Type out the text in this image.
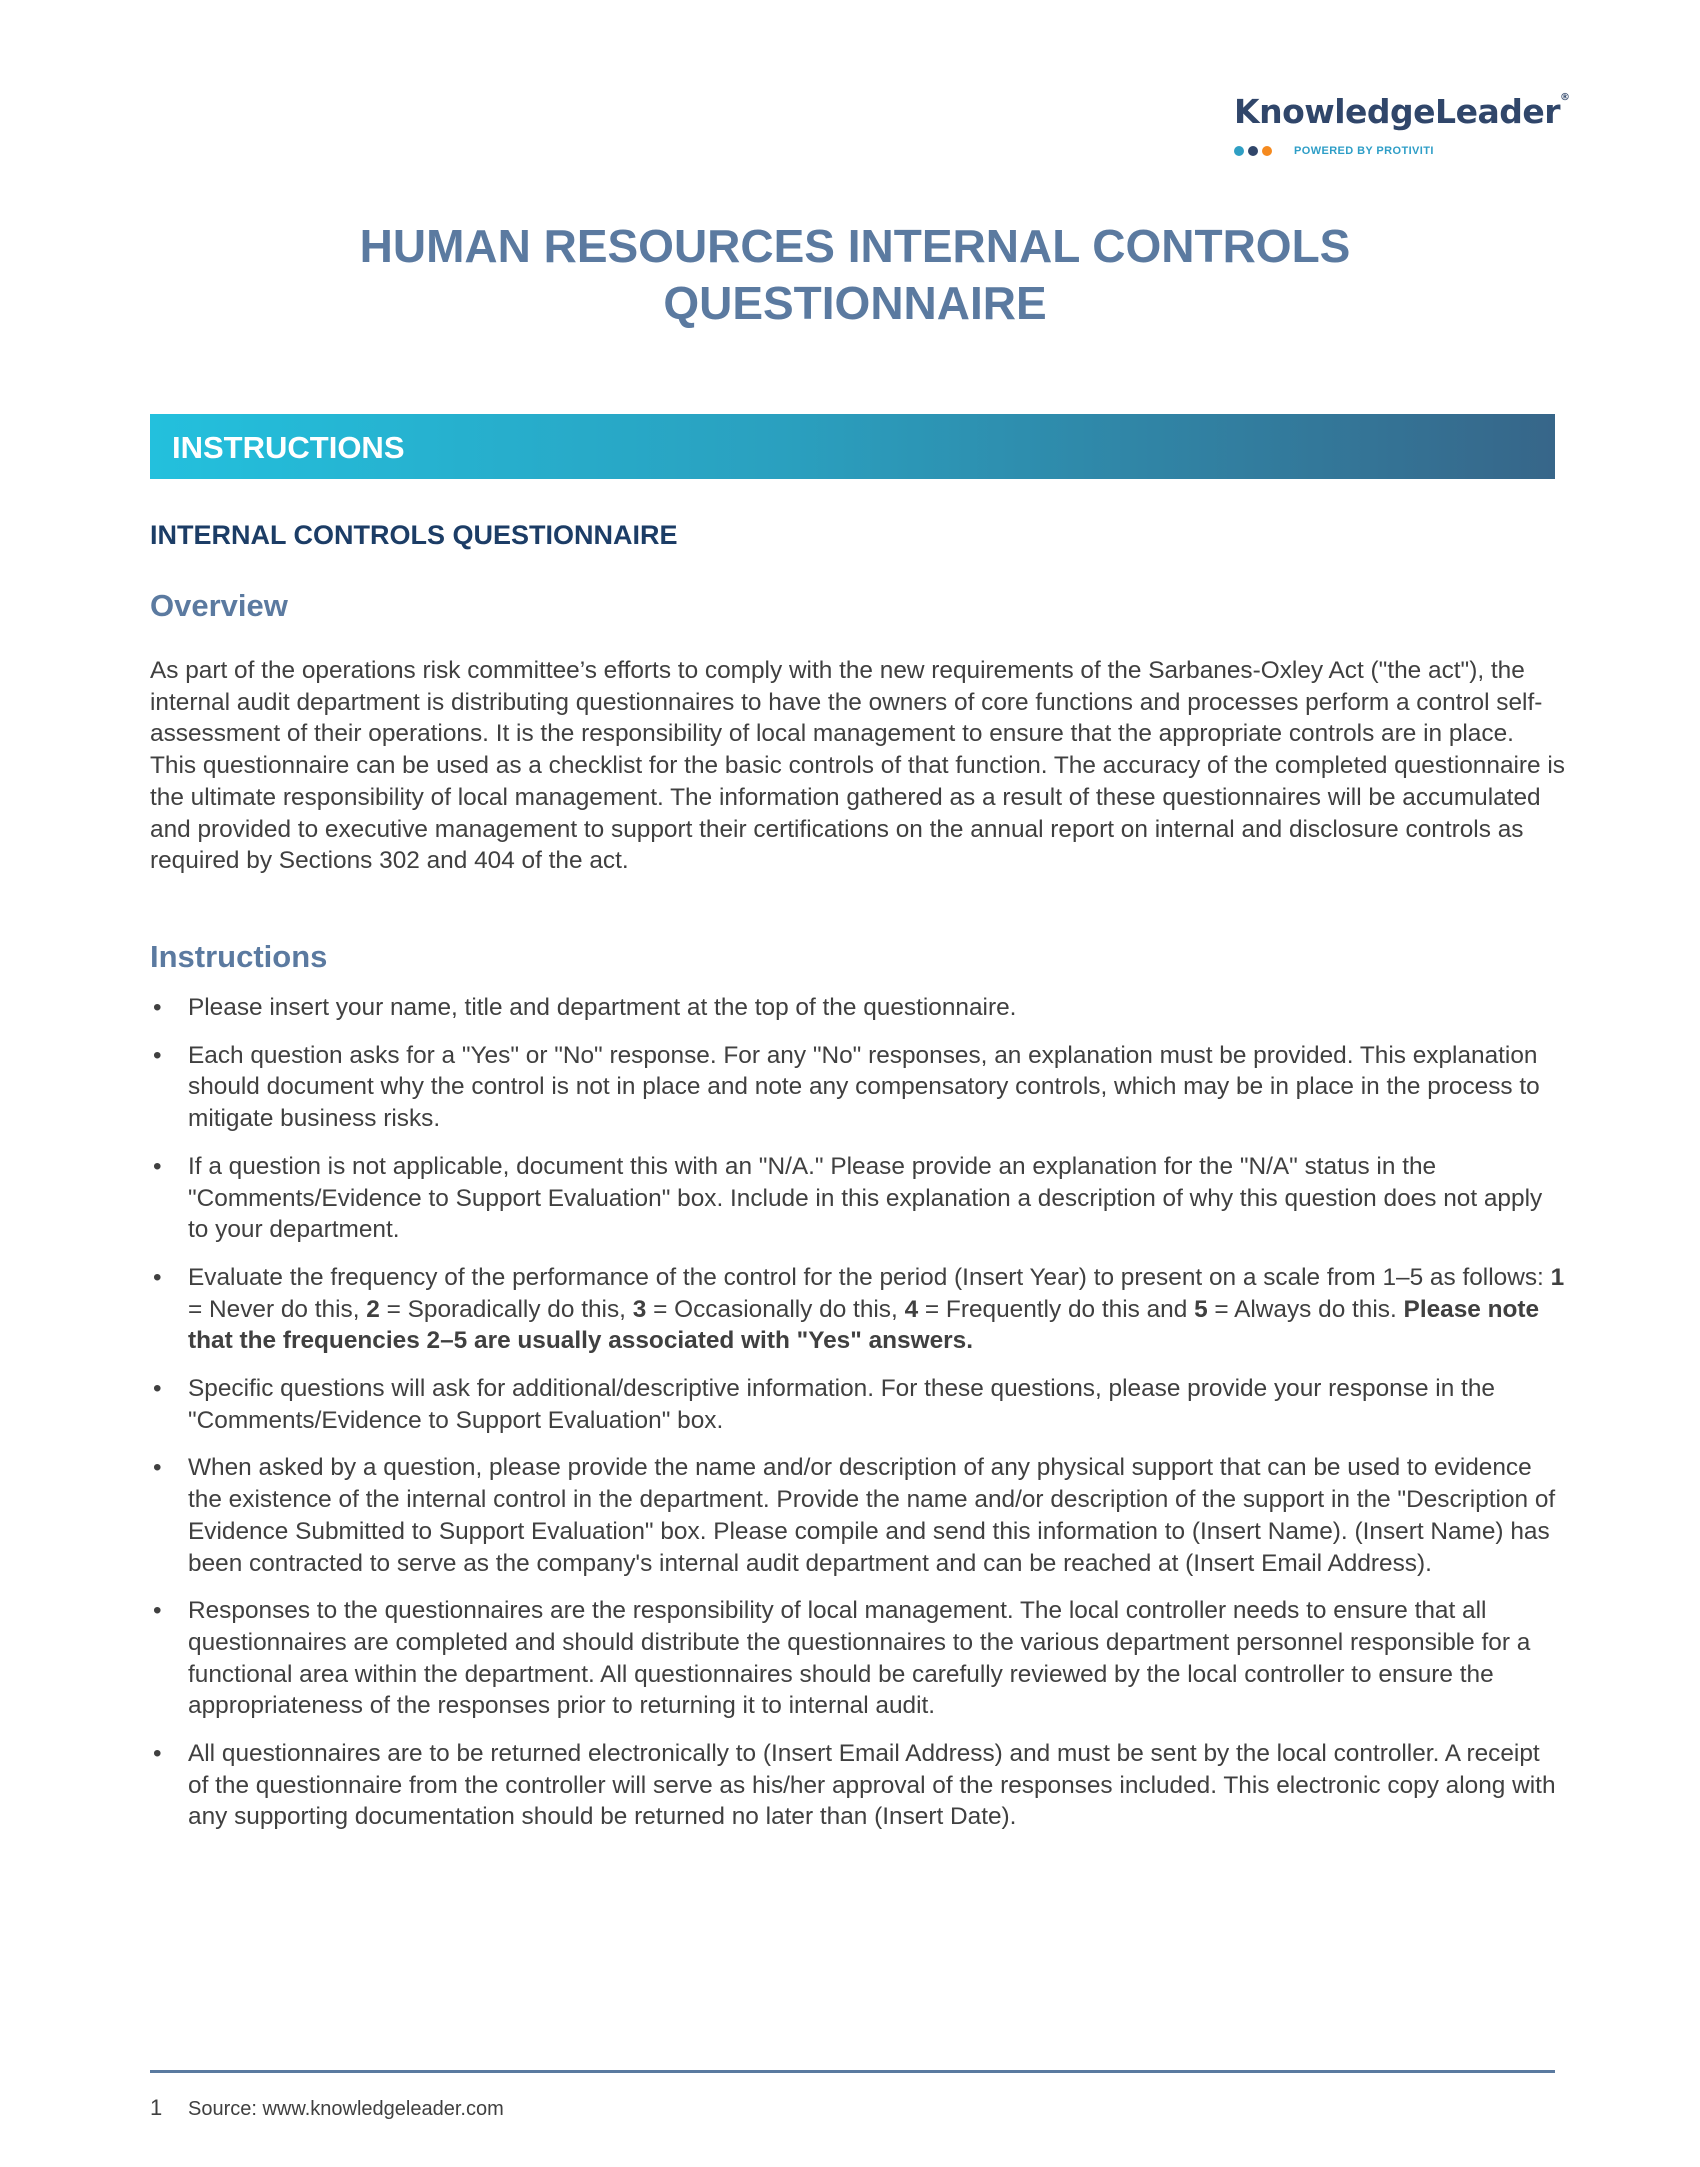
KnowledgeLeader®
POWERED BY PROTIVITI
HUMAN RESOURCES INTERNAL CONTROLS QUESTIONNAIRE
INSTRUCTIONS
INTERNAL CONTROLS QUESTIONNAIRE
Overview

As part of the operations risk committee’s efforts to comply with the new requirements of the Sarbanes-Oxley Act ("the act"), the internal audit department is distributing questionnaires to have the owners of core functions and processes perform a control self-assessment of their operations. It is the responsibility of local management to ensure that the appropriate controls are in place. This questionnaire can be used as a checklist for the basic controls of that function. The accuracy of the completed questionnaire is the ultimate responsibility of local management. The information gathered as a result of these questionnaires will be accumulated and provided to executive management to support their certifications on the annual report on internal and disclosure controls as required by Sections 302 and 404 of the act.

Instructions
• Please insert your name, title and department at the top of the questionnaire.
• Each question asks for a "Yes" or "No" response. For any "No" responses, an explanation must be provided. This explanation should document why the control is not in place and note any compensatory controls, which may be in place in the process to mitigate business risks.
• If a question is not applicable, document this with an "N/A." Please provide an explanation for the "N/A" status in the "Comments/Evidence to Support Evaluation" box. Include in this explanation a description of why this question does not apply to your department.
• Evaluate the frequency of the performance of the control for the period (Insert Year) to present on a scale from 1–5 as follows: 1 = Never do this, 2 = Sporadically do this, 3 = Occasionally do this, 4 = Frequently do this and 5 = Always do this. Please note that the frequencies 2–5 are usually associated with "Yes" answers.
• Specific questions will ask for additional/descriptive information. For these questions, please provide your response in the "Comments/Evidence to Support Evaluation" box.
• When asked by a question, please provide the name and/or description of any physical support that can be used to evidence the existence of the internal control in the department. Provide the name and/or description of the support in the "Description of Evidence Submitted to Support Evaluation" box. Please compile and send this information to (Insert Name). (Insert Name) has been contracted to serve as the company's internal audit department and can be reached at (Insert Email Address).
• Responses to the questionnaires are the responsibility of local management. The local controller needs to ensure that all questionnaires are completed and should distribute the questionnaires to the various department personnel responsible for a functional area within the department. All questionnaires should be carefully reviewed by the local controller to ensure the appropriateness of the responses prior to returning it to internal audit.
• All questionnaires are to be returned electronically to (Insert Email Address) and must be sent by the local controller. A receipt of the questionnaire from the controller will serve as his/her approval of the responses included. This electronic copy along with any supporting documentation should be returned no later than (Insert Date).
1 Source: www.knowledgeleader.com
